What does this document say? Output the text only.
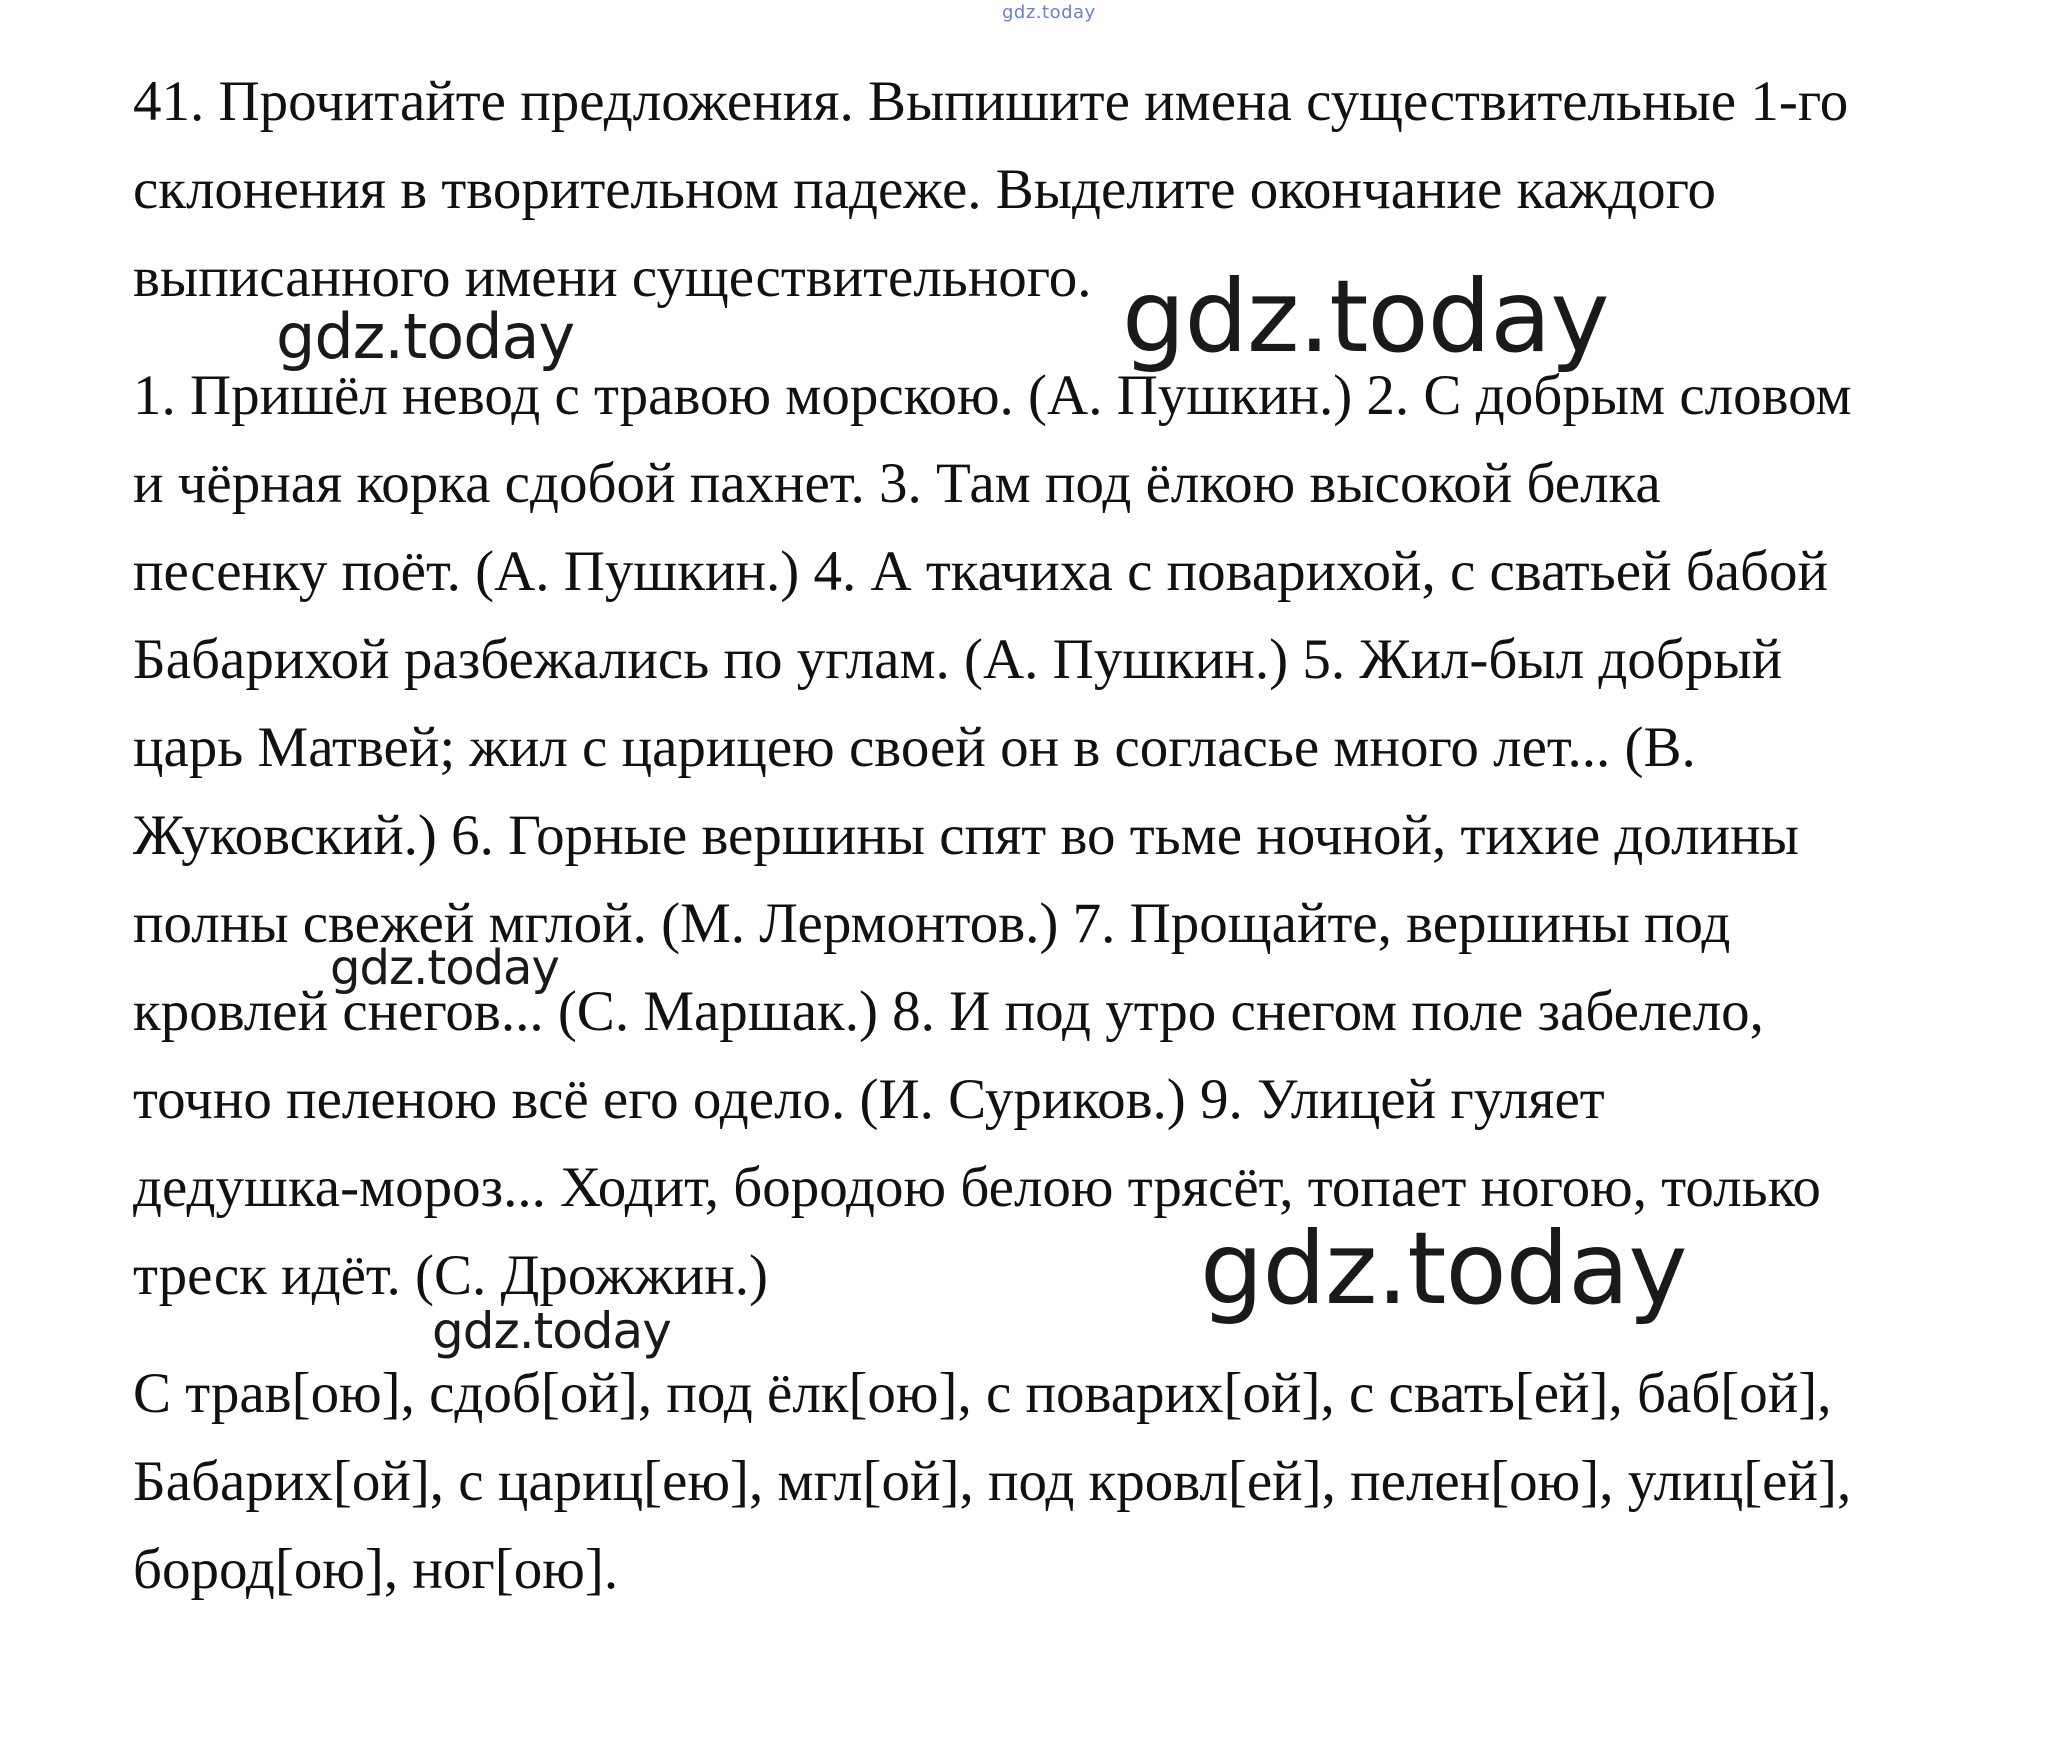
gdz.today

41. Прочитайте предложения. Выпишите имена существительные 1-го
склонения в творительном падеже. Выделите окончание каждого
выписанного имени существительного.

1. Пришёл невод с травою морскою. (А. Пушкин.) 2. С добрым словом
и чёрная корка сдобой пахнет. 3. Там под ёлкою высокой белка
песенку поёт. (А. Пушкин.) 4. А ткачиха с поварихой, с сватьей бабой
Бабарихой разбежались по углам. (А. Пушкин.) 5. Жил-был добрый
царь Матвей; жил с царицею своей он в согласье много лет... (В.
Жуковский.) 6. Горные вершины спят во тьме ночной, тихие долины
полны свежей мглой. (М. Лермонтов.) 7. Прощайте, вершины под
кровлей снегов... (С. Маршак.) 8. И под утро снегом поле забелело,
точно пеленою всё его одело. (И. Суриков.) 9. Улицей гуляет
дедушка-мороз... Ходит, бородою белою трясёт, топает ногою, только
треск идёт. (С. Дрожжин.)

С трав[ою], сдоб[ой], под ёлк[ою], с поварих[ой], с свать[ей], баб[ой],
Бабарих[ой], с цариц[ею], мгл[ой], под кровл[ей], пелен[ою], улиц[ей],
бород[ою], ног[ою].

gdz.today	gdz.today
gdz.today
gdz.today
gdz.today
